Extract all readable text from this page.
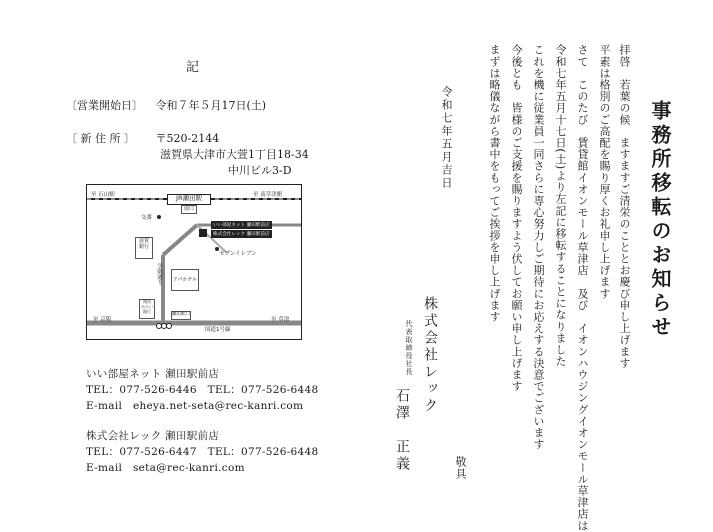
記
〔営業開始日〕 令和７年５月17日(土)
〔 新 住 所 〕 〒520-2144
滋賀県大津市大萱1丁目18-34
中川ビル3-D
至 石山駅	至 南草津駅
JR瀬田駅
南口
交番
滋賀
銀行
いい部屋ネット 瀬田駅前店
株式会社レック 瀬田駅前店
セブンイレブン
アパホテル
関西
みらい
銀行
瀬田駅口
学園通り
至 京阪	至 草津
国道1号線
いい部屋ネット 瀬田駅前店
TEL：077-526-6446　TEL：077-526-6448
E-mail　eheya.net-seta@rec-kanri.com
株式会社レック 瀬田駅前店
TEL：077-526-6447　TEL：077-526-6448
E-mail　seta@rec-kanri.com
事務所移転のお知らせ
拝啓　若葉の候　ますますご清栄のこととお慶び申し上げます
平素は格別のご高配を賜り厚くお礼申し上げます
さて　このたび　賃貸館イオンモール草津店　及び　イオンハウジングイオンモール草津店は
令和七年五月十七日(土)より左記に移転することになりました
これを機に従業員一同さらに専心努力しご期待にお応えする決意でございます
今後とも　皆様のご支援を賜りますよう伏してお願い申し上げます
まずは略儀ながら書中をもってご挨拶を申し上げます
敬具
令和七年五月吉日
株式会社レック
代表取締役社長
石澤　正義
